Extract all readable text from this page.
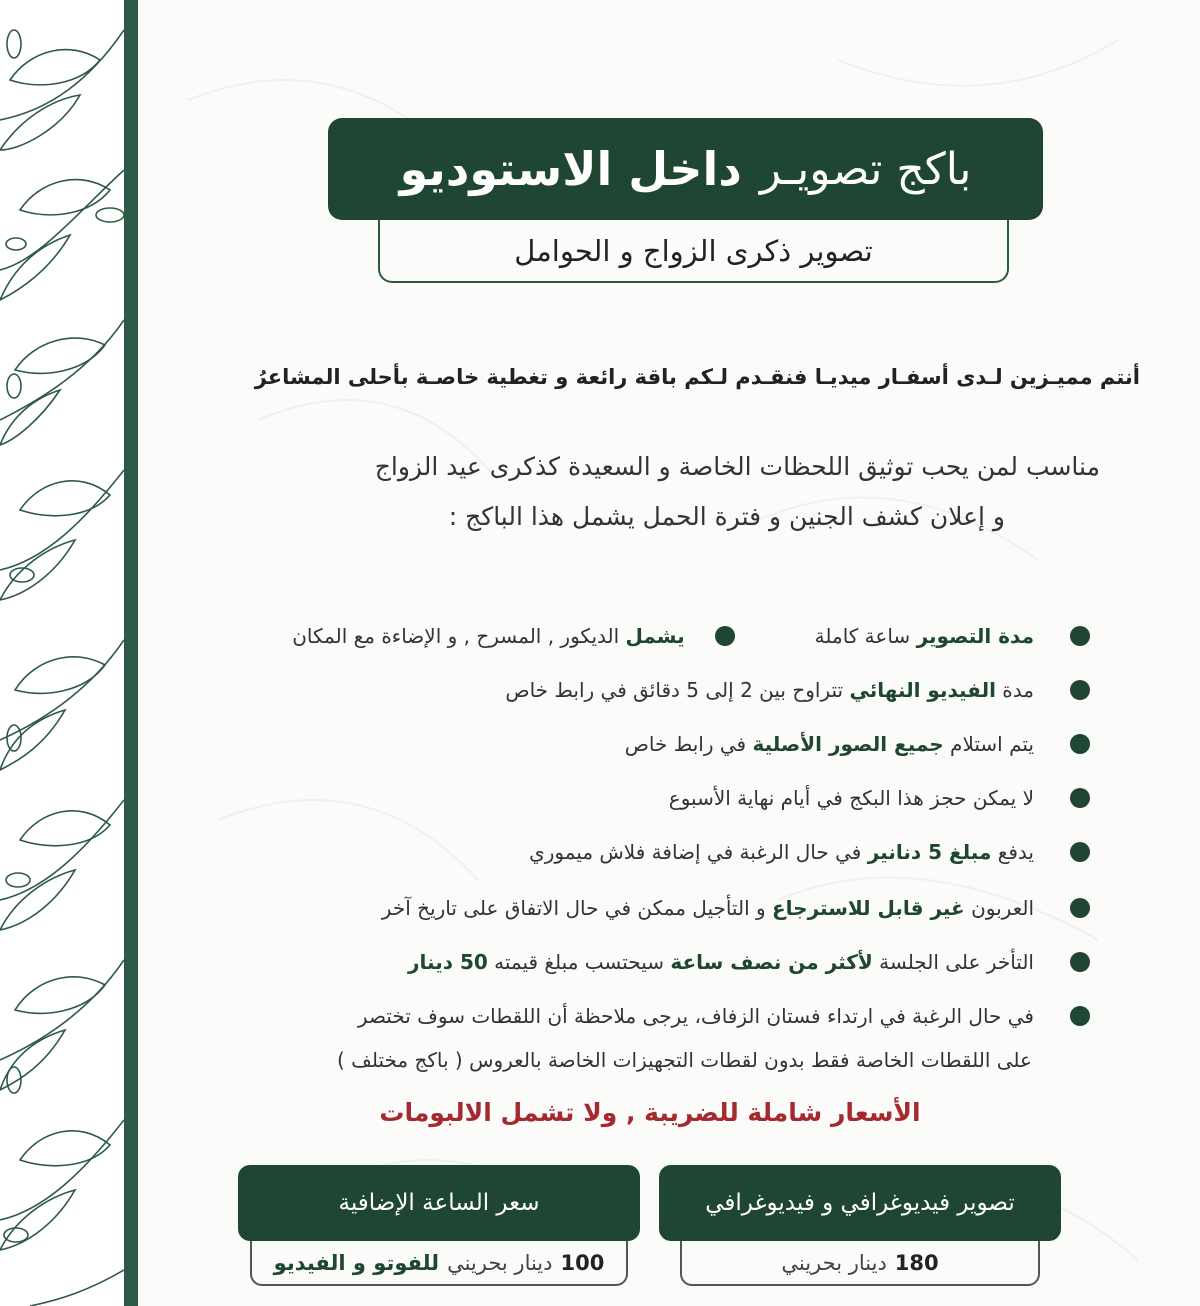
باكج تصويـر
داخل الاستوديو
تصوير ذكرى الزواج و الحوامل
أنتم مميـزين لـدى أسفـار ميديـا فنقـدم لـكم باقة رائعة و تغطية خاصـة بأحلى المشاعرُ
مناسب لمن يحب توثيق اللحظات الخاصة و السعيدة كذكرى عيد الزواج
و إعلان كشف الجنين و فترة الحمل يشمل هذا الباكج :
مدة التصوير ساعة كاملة
يشمل الديكور , المسرح , و الإضاءة مع المكان
مدة الفيديو النهائي تتراوح بين 2 إلى 5 دقائق في رابط خاص
يتم استلام جميع الصور الأصلية في رابط خاص
لا يمكن حجز هذا البكج في أيام نهاية الأسبوع
يدفع مبلغ 5 دنانير في حال الرغبة في إضافة فلاش ميموري
العربون غير قابل للاسترجاع و التأجيل ممكن في حال الاتفاق على تاريخ آخر
التأخر على الجلسة لأكثر من نصف ساعة سيحتسب مبلغ قيمته 50 دينار
في حال الرغبة في ارتداء فستان الزفاف، يرجى ملاحظة أن اللقطات سوف تختصر
على اللقطات الخاصة فقط بدون لقطات التجهيزات الخاصة بالعروس ( باكج مختلف )
الأسعار شاملة للضريبة , ولا تشمل الالبومات
تصوير فيديوغرافي و فيديوغرافي
180
دينار بحريني
سعر الساعة الإضافية
100
دينار بحريني
للفوتو و الفيديو
